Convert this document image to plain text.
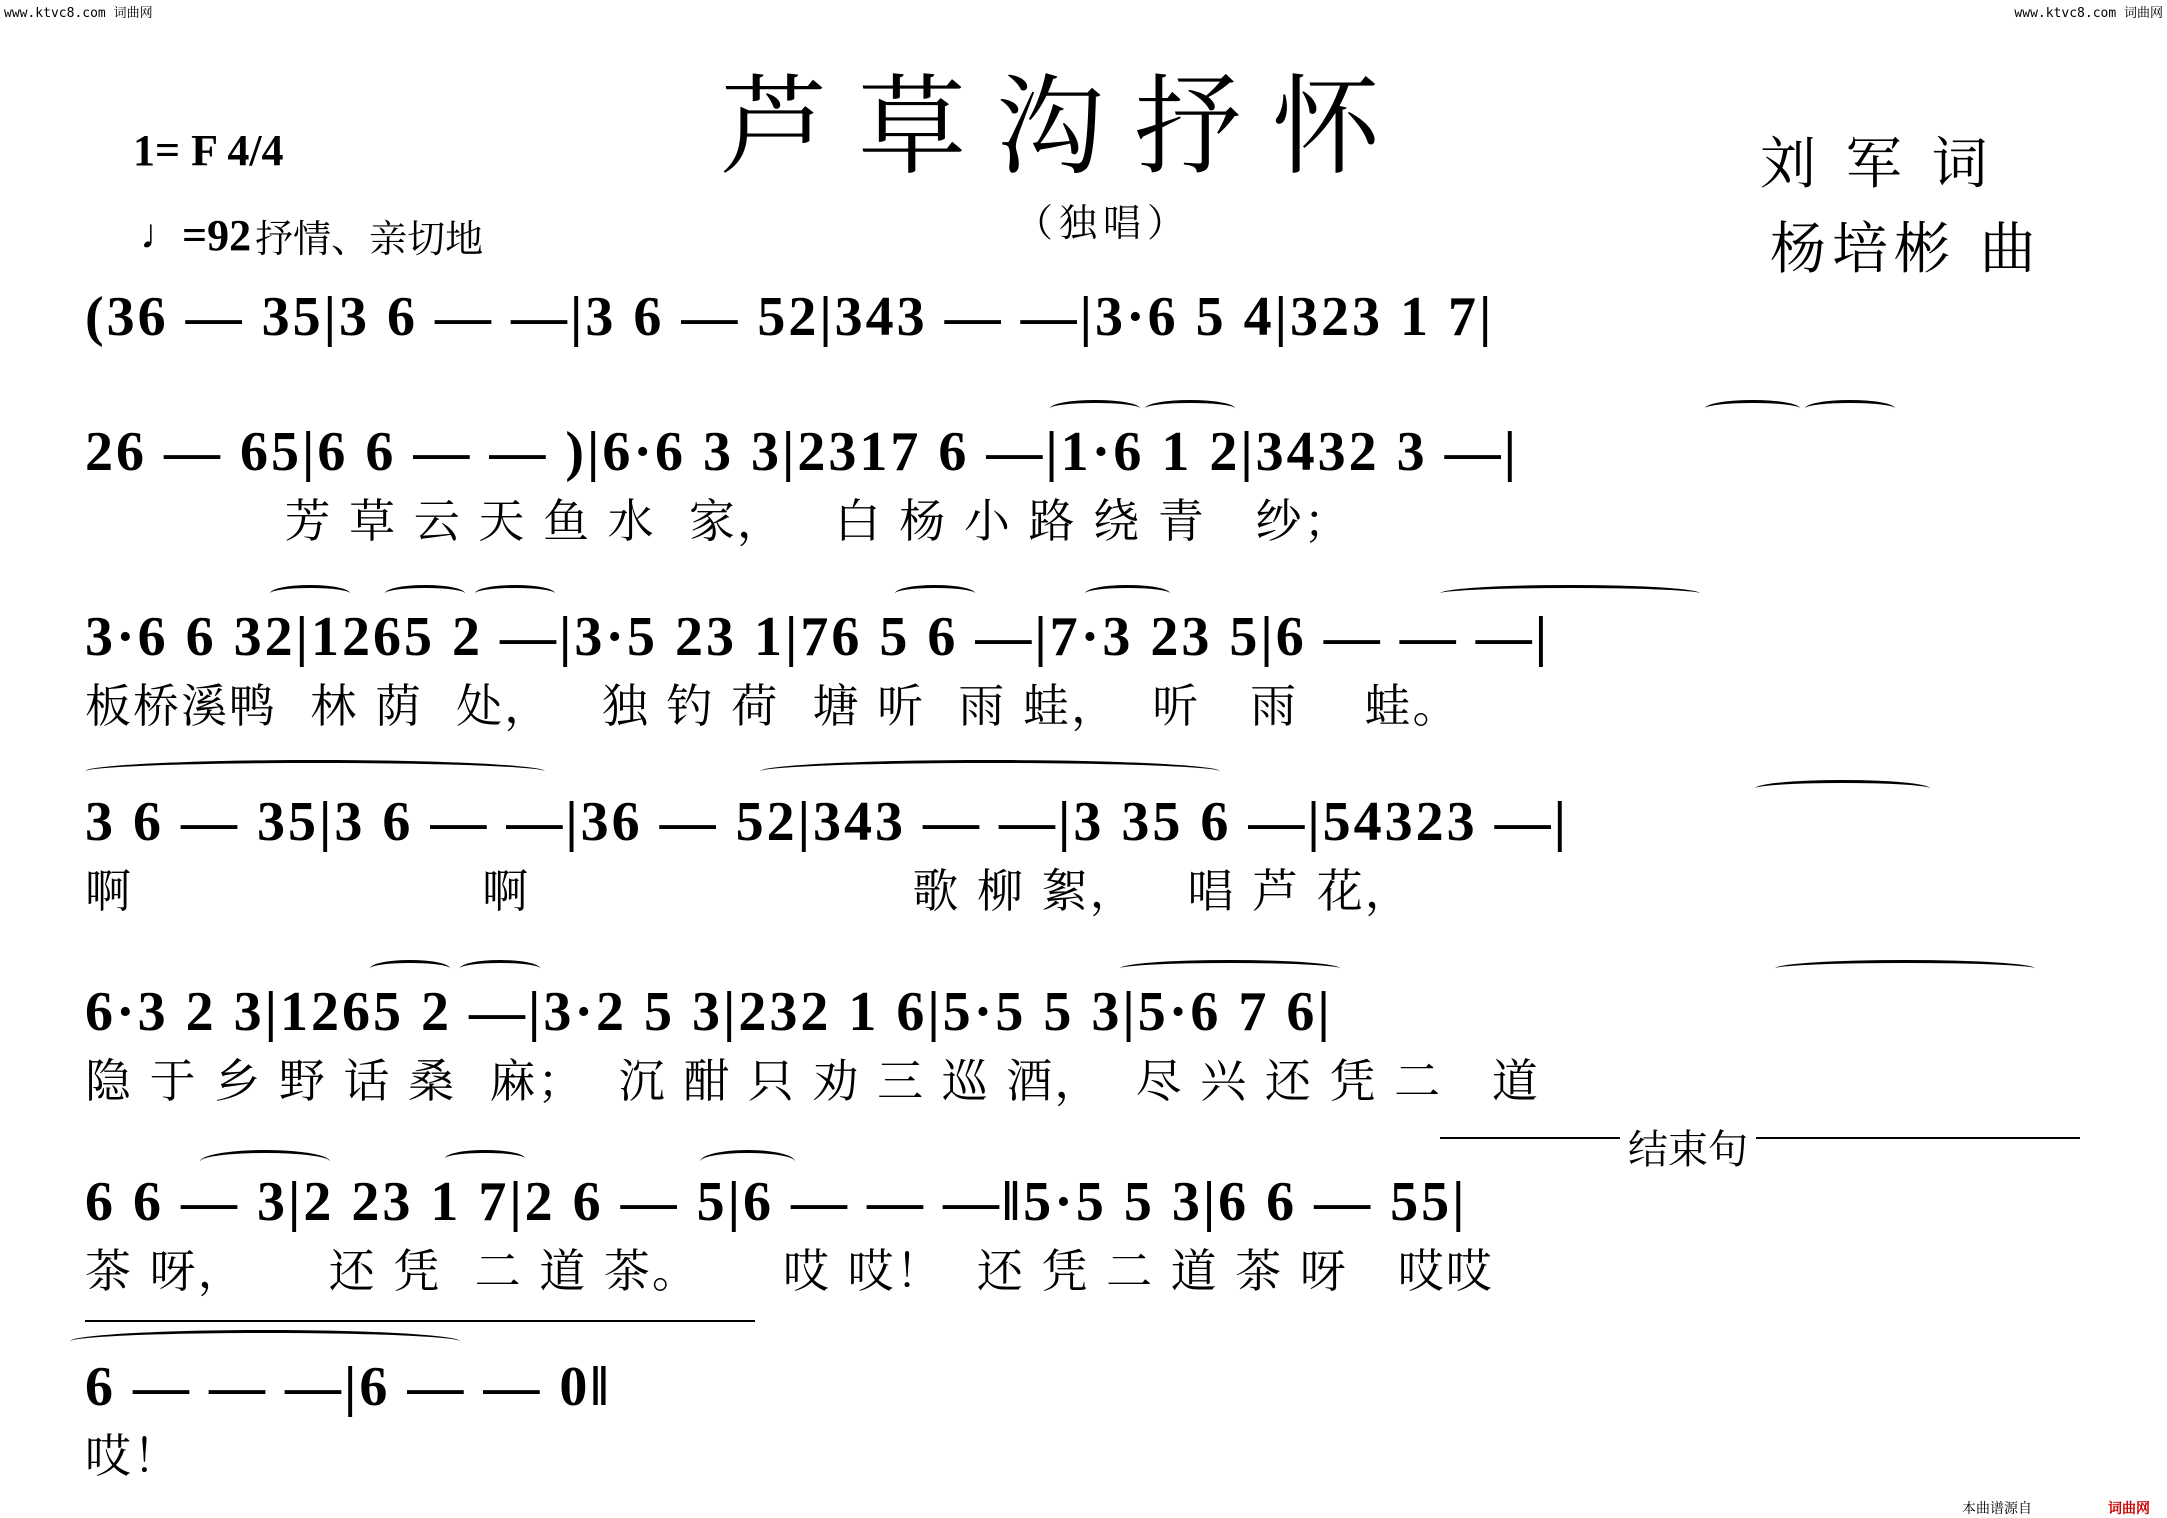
www.ktvc8.com 词曲网	www.ktvc8.com 词曲网
芦草沟抒怀
（独唱）
1= F 4/4
♩ =92 抒情、亲切地
刘 军 词
杨培彬 曲
(36 — 35|3 6 — —|3 6 — 52|343 — —|3·6 5 4|323 1 7|
26 — 65|6 6 — — )|6·6 3 3|2317 6 —|1·6 1 2|3432 3 —|
芳 草 云 天 鱼 水  家，   白 杨 小 路 绕 青   纱；
3·6 6 32|1265 2 —|3·5 23 1|76 5 6 —|7·3 23 5|6 — — —|
板桥溪鸭  林 荫  处，   独 钓 荷  塘 听  雨 蛙，  听   雨    蛙。
3 6 — 35|3 6 — —|36 — 52|343 — —|3 35 6 —|54323 —|
啊                     啊                       歌 柳 絮，   唱 芦 花，
6·3 2 3|1265 2 —|3·2 5 3|232 1 6|5·5 5 3|5·6 7 6|
隐 于 乡 野 话 桑  麻；  沉 酣 只 劝 三 巡 酒，  尽 兴 还 凭 二   道
结束句
6 6 — 3|2 23 1 7|2 6 — 5|6 — — —‖5·5 5 3|6 6 — 55|
茶 呀，     还 凭  二 道 茶。     哎 哎！  还 凭 二 道 茶 呀   哎哎
6 — — —|6 — — 0‖
哎！
本曲谱源自	词曲网
